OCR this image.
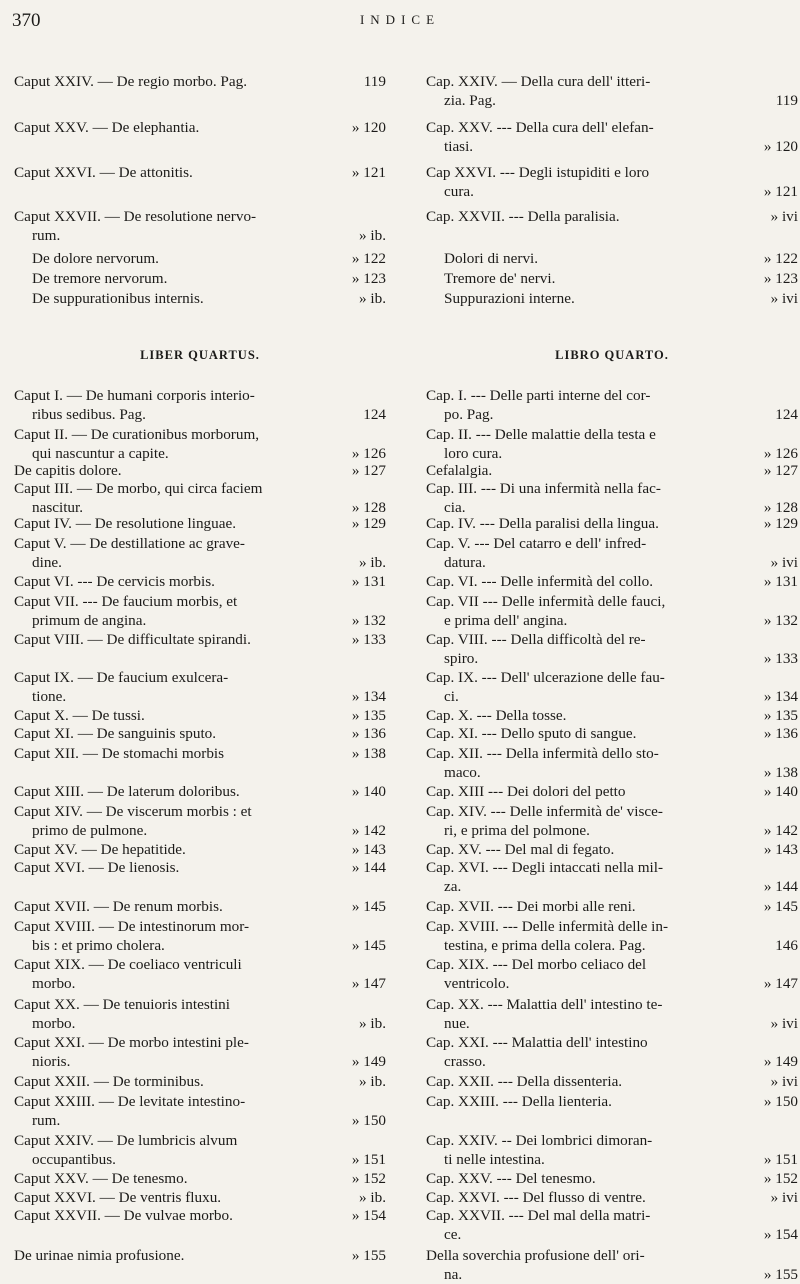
370	INDICE
Caput XXIV. — De regio morbo. Pag.	119
Caput XXV. — De elephantia.	» 120
Caput XXVI. — De attonitis.	» 121
Caput XXVII. — De resolutione nervo-
rum.	» ib.
De dolore nervorum.	» 122
De tremore nervorum.	» 123
De suppurationibus internis.	» ib.
LIBER QUARTUS.
Caput I. — De humani corporis interio-
ribus sedibus. Pag.	124
Caput II. — De curationibus morborum,
qui nascuntur a capite.	» 126
De capitis dolore.	» 127
Caput III. — De morbo, qui circa faciem
nascitur.	» 128
Caput IV. — De resolutione linguae.	» 129
Caput V. — De destillatione ac grave-
dine.	» ib.
Caput VI. --- De cervicis morbis.	» 131
Caput VII. --- De faucium morbis, et
primum de angina.	» 132
Caput VIII. — De difficultate spirandi.	» 133
Caput IX. — De faucium exulcera-
tione.	» 134
Caput X. — De tussi.	» 135
Caput XI. — De sanguinis sputo.	» 136
Caput XII. — De stomachi morbis	» 138
Caput XIII. — De laterum doloribus.	» 140
Caput XIV. — De viscerum morbis : et
primo de pulmone.	» 142
Caput XV. — De hepatitide.	» 143
Caput XVI. — De lienosis.	» 144
Caput XVII. — De renum morbis.	» 145
Caput XVIII. — De intestinorum mor-
bis : et primo cholera.	» 145
Caput XIX. — De coeliaco ventriculi
morbo.	» 147
Caput XX. — De tenuioris intestini
morbo.	» ib.
Caput XXI. — De morbo intestini ple-
nioris.	» 149
Caput XXII. — De torminibus.	» ib.
Caput XXIII. — De levitate intestino-
rum.	» 150
Caput XXIV. — De lumbricis alvum
occupantibus.	» 151
Caput XXV. — De tenesmo.	» 152
Caput XXVI. — De ventris fluxu.	» ib.
Caput XXVII. — De vulvae morbo.	» 154
De urinae nimia profusione.	» 155
Cap. XXIV. — Della cura dell' itteri-
zia. Pag.	119
Cap. XXV. --- Della cura dell' elefan-
tiasi.	» 120
Cap XXVI. --- Degli istupiditi e loro
cura.	» 121
Cap. XXVII. --- Della paralisia.	» ivi
Dolori di nervi.	» 122
Tremore de' nervi.	» 123
Suppurazioni interne.	» ivi
LIBRO QUARTO.
Cap. I. --- Delle parti interne del cor-
po. Pag.	124
Cap. II. --- Delle malattie della testa e
loro cura.	» 126
Cefalalgia.	» 127
Cap. III. --- Di una infermità nella fac-
cia.	» 128
Cap. IV. --- Della paralisi della lingua.	» 129
Cap. V. --- Del catarro e dell' infred-
datura.	» ivi
Cap. VI. --- Delle infermità del collo.	» 131
Cap. VII --- Delle infermità delle fauci,
e prima dell' angina.	» 132
Cap. VIII. --- Della difficoltà del re-
spiro.	» 133
Cap. IX. --- Dell' ulcerazione delle fau-
ci.	» 134
Cap. X. --- Della tosse.	» 135
Cap. XI. --- Dello sputo di sangue.	» 136
Cap. XII. --- Della infermità dello sto-
maco.	» 138
Cap. XIII --- Dei dolori del petto	» 140
Cap. XIV. --- Delle infermità de' visce-
ri, e prima del polmone.	» 142
Cap. XV. --- Del mal di fegato.	» 143
Cap. XVI. --- Degli intaccati nella mil-
za.	» 144
Cap. XVII. --- Dei morbi alle reni.	» 145
Cap. XVIII. --- Delle infermità delle in-
testina, e prima della colera. Pag.	146
Cap. XIX. --- Del morbo celiaco del
ventricolo.	» 147
Cap. XX. --- Malattia dell' intestino te-
nue.	» ivi
Cap. XXI. --- Malattia dell' intestino
crasso.	» 149
Cap. XXII. --- Della dissenteria.	» ivi
Cap. XXIII. --- Della lienteria.	» 150
Cap. XXIV. -- Dei lombrici dimoran-
ti nelle intestina.	» 151
Cap. XXV. --- Del tenesmo.	» 152
Cap. XXVI. --- Del flusso di ventre.	» ivi
Cap. XXVII. --- Del mal della matri-
ce.	» 154
Della soverchia profusione dell' ori-
na.	» 155
